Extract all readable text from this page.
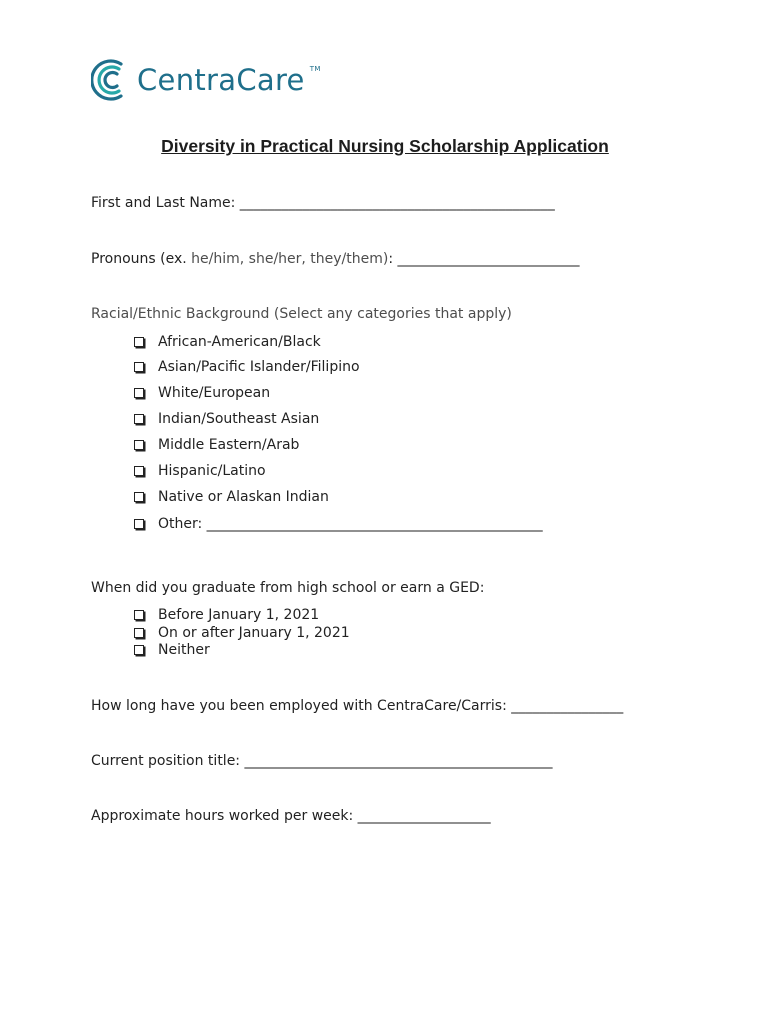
CentraCare TM
Diversity in Practical Nursing Scholarship Application
First and Last Name: _____________________________________________
Pronouns (ex. he/him, she/her, they/them): __________________________
Racial/Ethnic Background (Select any categories that apply)
African-American/Black
Asian/Pacific Islander/Filipino
White/European
Indian/Southeast Asian
Middle Eastern/Arab
Hispanic/Latino
Native or Alaskan Indian
Other: ________________________________________________
When did you graduate from high school or earn a GED:
Before January 1, 2021
On or after January 1, 2021
Neither
How long have you been employed with CentraCare/Carris: ________________
Current position title: ____________________________________________
Approximate hours worked per week: ___________________
